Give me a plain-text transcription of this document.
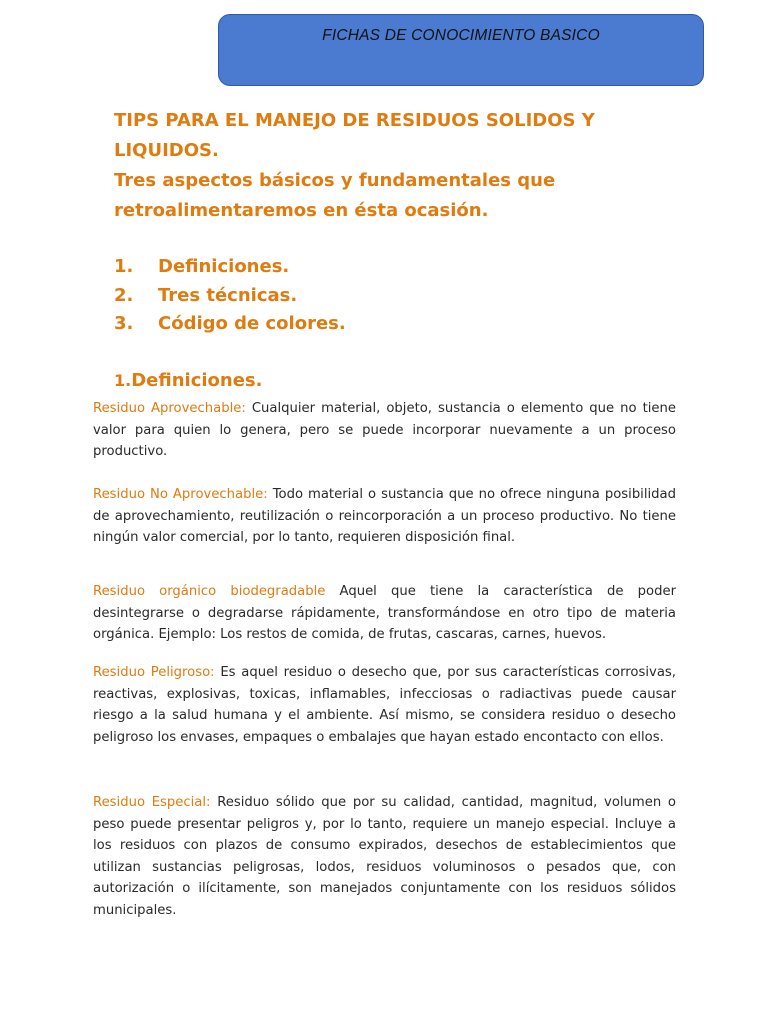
FICHAS DE CONOCIMIENTO BASICO

TIPS PARA EL MANEJO DE RESIDUOS SOLIDOS Y LIQUIDOS.

Tres aspectos básicos y fundamentales que retroalimentaremos en ésta ocasión.

1.	Definiciones.
2.	Tres técnicas.
3.	Código de colores.
1.Definiciones.

Residuo Aprovechable: Cualquier material, objeto, sustancia o elemento que no tiene valor para quien lo genera, pero se puede incorporar nuevamente a un proceso productivo.

Residuo No Aprovechable: Todo material o sustancia que no ofrece ninguna posibilidad de aprovechamiento, reutilización o reincorporación a un proceso productivo. No tiene ningún valor comercial, por lo tanto, requieren disposición final.

Residuo orgánico biodegradable Aquel que tiene la característica de poder desintegrarse o degradarse rápidamente, transformándose en otro tipo de materia orgánica. Ejemplo: Los restos de comida, de frutas, cascaras, carnes, huevos.

Residuo Peligroso: Es aquel residuo o desecho que, por sus características corrosivas, reactivas, explosivas, toxicas, inflamables, infecciosas o radiactivas puede causar riesgo a la salud humana y el ambiente. Así mismo, se considera residuo o desecho peligroso los envases, empaques o embalajes que hayan estado encontacto con ellos.

Residuo Especial: Residuo sólido que por su calidad, cantidad, magnitud, volumen o peso puede presentar peligros y, por lo tanto, requiere un manejo especial. Incluye a los residuos con plazos de consumo expirados, desechos de establecimientos que utilizan sustancias peligrosas, lodos, residuos voluminosos o pesados que, con autorización o ilícitamente, son manejados conjuntamente con los residuos sólidos municipales.
